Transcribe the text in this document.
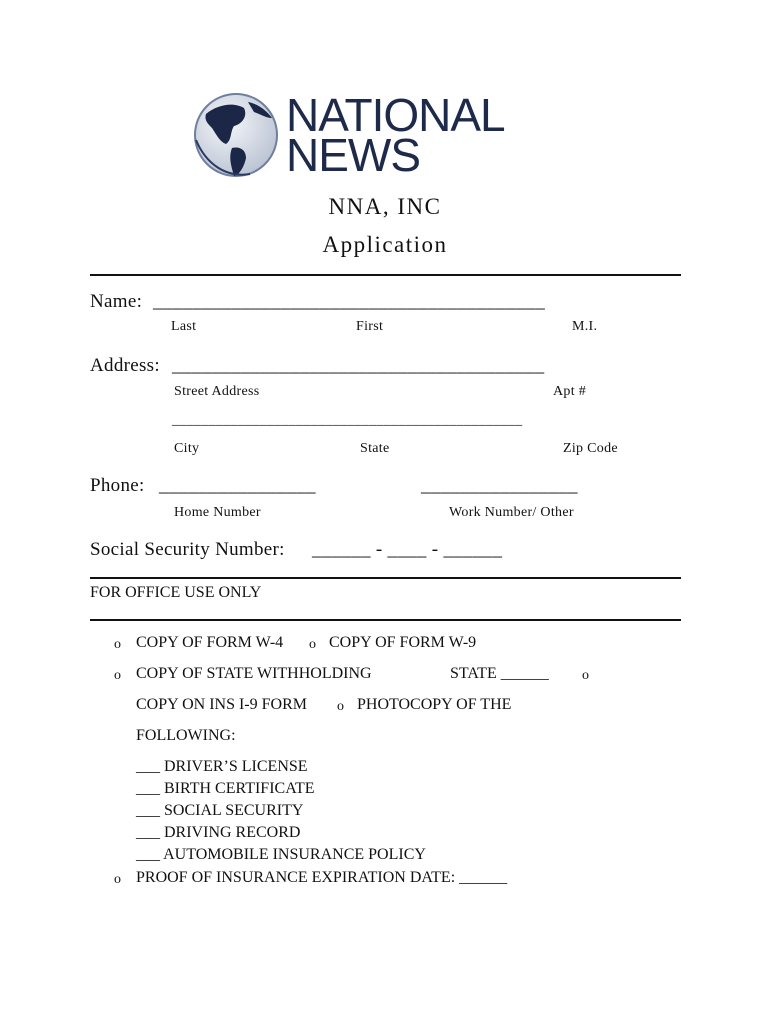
NATIONAL
NEWS
NNA, INC
Application
Name: ________________________________________
Last	First	M.I.
Address: ______________________________________
Street Address	Apt #
________________________________________________
City	State	Zip Code
Phone: ________________	________________
Home Number	Work Number/ Other
Social Security Number: ______ - ____ - ______
FOR OFFICE USE ONLY
o COPY OF FORM W-4 o COPY OF FORM W-9
o COPY OF STATE WITHHOLDING	STATE ______ o
COPY ON INS I-9 FORM o PHOTOCOPY OF THE
FOLLOWING:
___ DRIVER’S LICENSE
___ BIRTH CERTIFICATE
___ SOCIAL SECURITY
___ DRIVING RECORD
___ AUTOMOBILE INSURANCE POLICY
o PROOF OF INSURANCE EXPIRATION DATE: ______
